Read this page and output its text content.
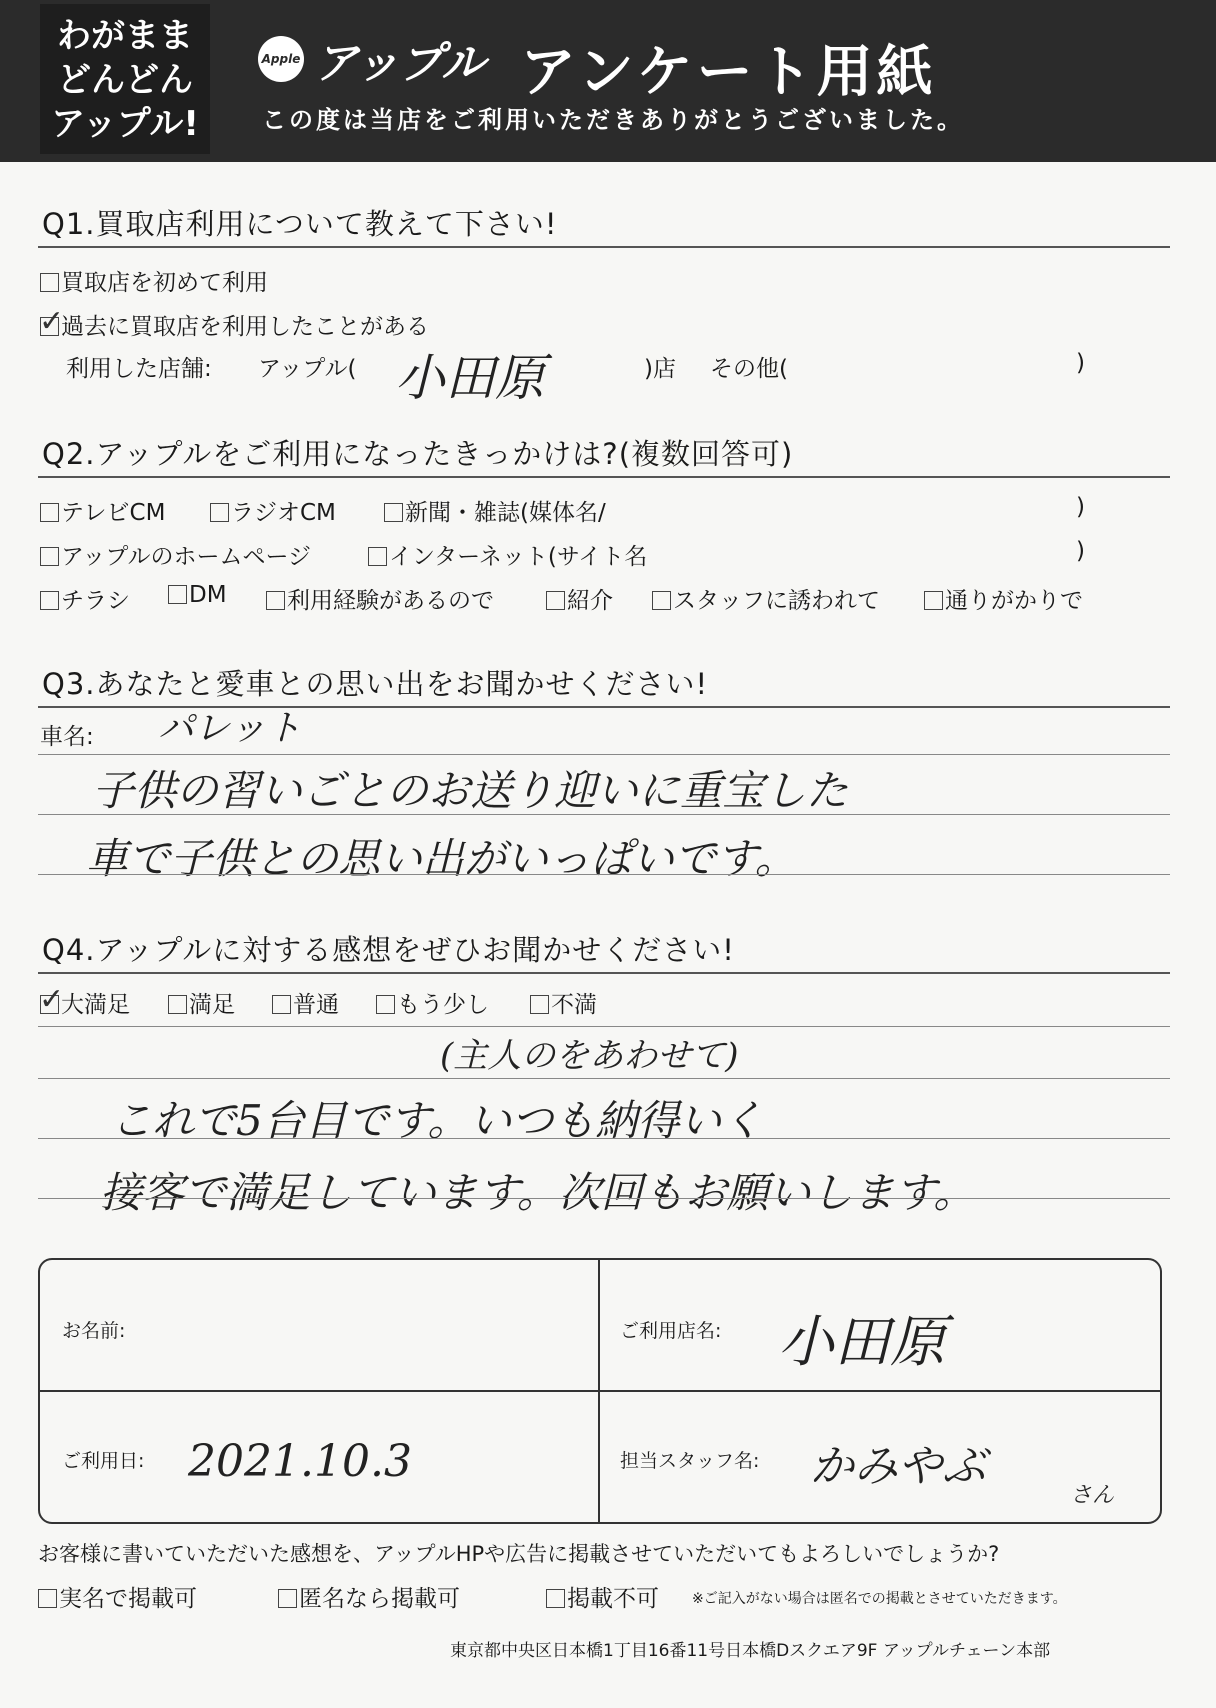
わがまま
どんどん
アップル!
Apple アップル アンケート用紙
この度は当店をご利用いただきありがとうございました。
Q1.買取店利用について教えて下さい!
買取店を初めて利用
✓
過去に買取店を利用したことがある
利用した店舗: アップル( 小田原	)店 その他(	)
Q2.アップルをご利用になったきっかけは?(複数回答可)
テレビCM	ラジオCM	新聞・雑誌(媒体名/	)
アップルのホームページ	インターネット(サイト名	)
チラシ	DM	利用経験があるので	紹介	スタッフに誘われて	通りがかりで
Q3.あなたと愛車との思い出をお聞かせください!
車名: パレット
子供の習いごとのお送り迎いに重宝した
車で子供との思い出がいっぱいです。
Q4.アップルに対する感想をぜひお聞かせください!
✓
大満足	満足	普通	もう少し	不満
(主人のをあわせて)
これで5台目です。いつも納得いく
接客で満足しています。次回もお願いします。
お名前:	ご利用店名: 小田原
ご利用日: 2021.10.3	担当スタッフ名: かみやぶ
さん
お客様に書いていただいた感想を、アップルHPや広告に掲載させていただいてもよろしいでしょうか?
実名で掲載可	匿名なら掲載可	掲載不可 ※ご記入がない場合は匿名での掲載とさせていただきます。
東京都中央区日本橋1丁目16番11号日本橋Dスクエア9F アップルチェーン本部
